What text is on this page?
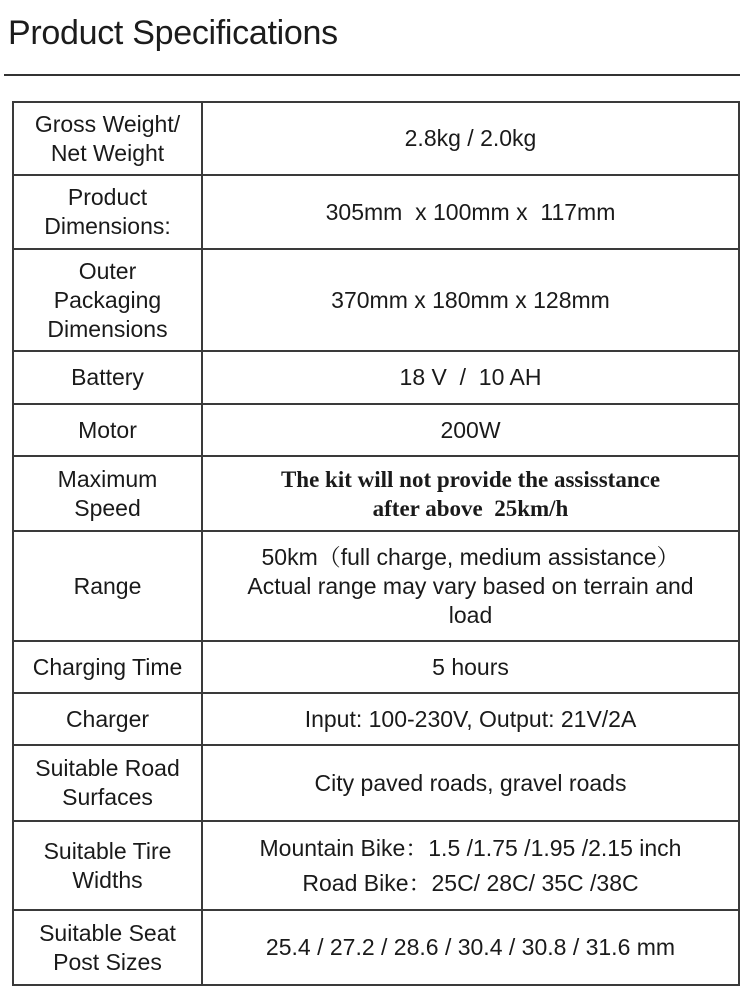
Product Specifications
Gross Weight/
Net Weight	2.8kg / 2.0kg

Product
Dimensions:	305mm  x 100mm x  117mm

Outer
Packaging
Dimensions	370mm x 180mm x 128mm

Battery	18 V  /  10 AH

Motor	200W

Maximum
Speed	The kit will not provide the assisstance
after above  25km/h

Range	50km（full charge, medium assistance）
Actual range may vary based on terrain and
load

Charging Time	5 hours

Charger	Input: 100-230V, Output: 21V/2A

Suitable Road
Surfaces	City paved roads, gravel roads

Suitable Tire
Widths	Mountain Bike：1.5 /1.75 /1.95 /2.15 inch
Road Bike：25C/ 28C/ 35C /38C

Suitable Seat
Post Sizes	25.4 / 27.2 / 28.6 / 30.4 / 30.8 / 31.6 mm
